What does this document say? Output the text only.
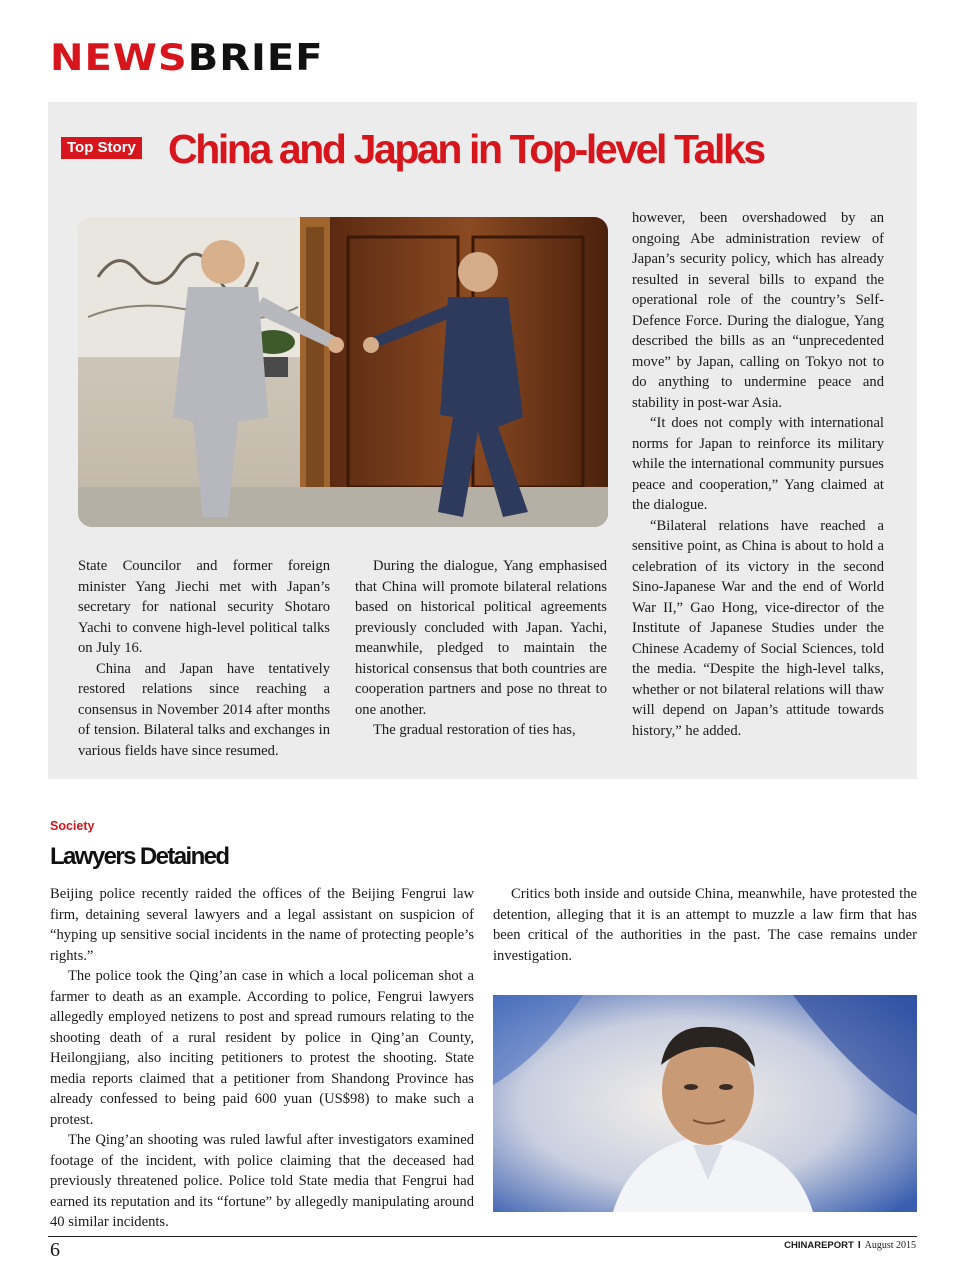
NEWSBRIEF
Top Story China and Japan in Top-level Talks

State Councilor and former foreign minister Yang Jiechi met with Japan’s secretary for national security Shotaro Yachi to convene high-level political talks on July 16.

China and Japan have tentatively restored relations since reaching a consensus in November 2014 after months of tension. Bilateral talks and exchanges in various fields have since resumed.

During the dialogue, Yang emphasised that China will promote bilateral relations based on historical political agreements previously concluded with Japan. Yachi, meanwhile, pledged to maintain the historical consensus that both countries are cooperation partners and pose no threat to one another.

The gradual restoration of ties has,

however, been overshadowed by an ongoing Abe administration review of Japan’s security policy, which has already resulted in several bills to expand the operational role of the country’s Self-Defence Force. During the dialogue, Yang described the bills as an “unprecedented move” by Japan, calling on Tokyo not to do anything to undermine peace and stability in post-war Asia.

“It does not comply with international norms for Japan to reinforce its military while the international community pursues peace and cooperation,” Yang claimed at the dialogue.

“Bilateral relations have reached a sensitive point, as China is about to hold a celebration of its victory in the second Sino-Japanese War and the end of World War II,” Gao Hong, vice-director of the Institute of Japanese Studies under the Chinese Academy of Social Sciences, told the media. “Despite the high-level talks, whether or not bilateral relations will thaw will depend on Japan’s attitude towards history,” he added.

Society
Lawyers Detained

Beijing police recently raided the offices of the Beijing Fengrui law firm, detaining several lawyers and a legal assistant on suspicion of “hyping up sensitive social incidents in the name of protecting people’s rights.”

The police took the Qing’an case in which a local policeman shot a farmer to death as an example. According to police, Fengrui lawyers allegedly employed netizens to post and spread rumours relating to the shooting death of a rural resident by police in Qing’an County, Heilongjiang, also inciting petitioners to protest the shooting. State media reports claimed that a petitioner from Shandong Province has already confessed to being paid 600 yuan (US$98) to make such a protest.

The Qing’an shooting was ruled lawful after investigators examined footage of the incident, with police claiming that the deceased had previously threatened police. Police told State media that Fengrui had earned its reputation and its “fortune” by allegedly manipulating around 40 similar incidents.

Critics both inside and outside China, meanwhile, have protested the detention, alleging that it is an attempt to muzzle a law firm that has been critical of the authorities in the past. The case remains under investigation.

6	CHINAREPORT I August 2015
